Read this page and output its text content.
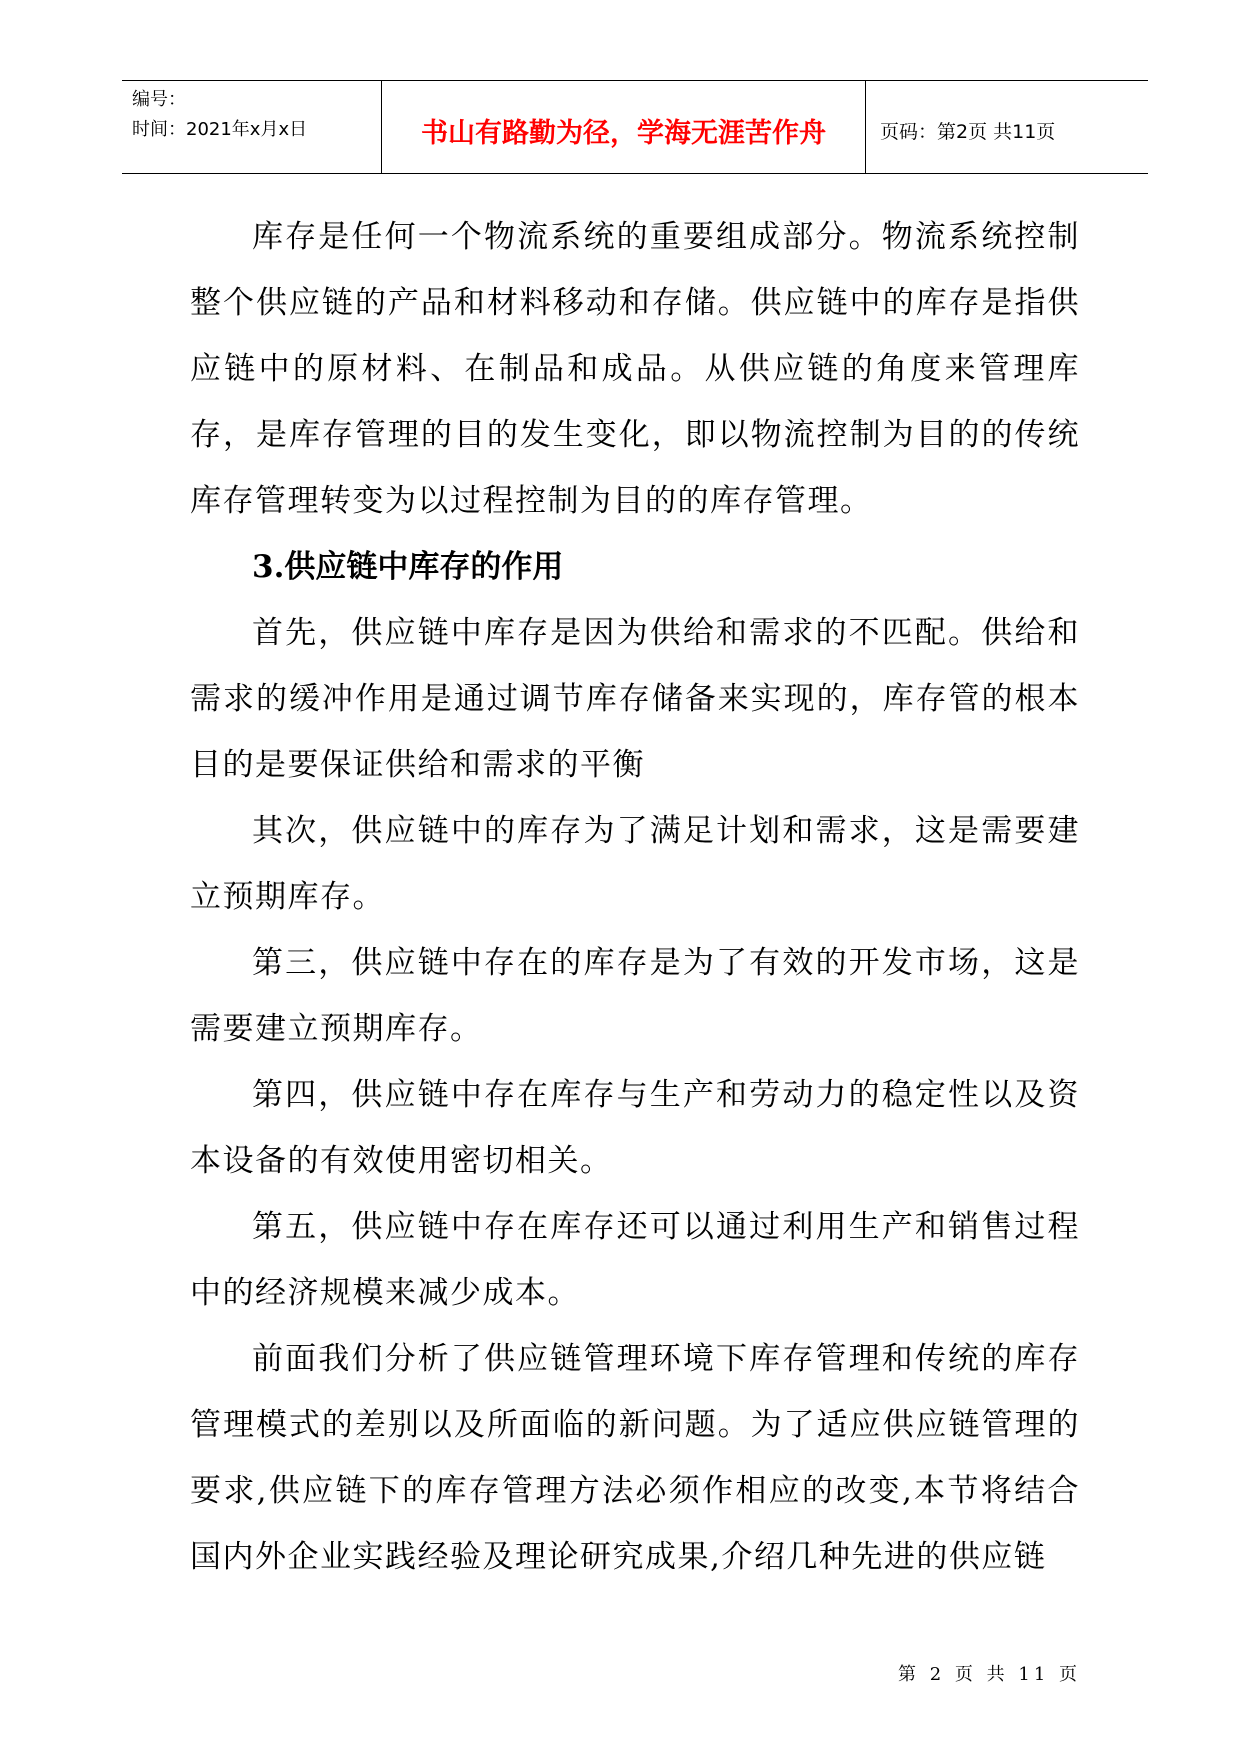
编号：
时间：2021年x月x日	书山有路勤为径，学海无涯苦作舟	页码：第2页 共11页

库存是任何一个物流系统的重要组成部分。物流系统控制整个供应链的产品和材料移动和存储。供应链中的库存是指供应链中的原材料、在制品和成品。从供应链的角度来管理库存，是库存管理的目的发生变化，即以物流控制为目的的传统库存管理转变为以过程控制为目的的库存管理。

3.供应链中库存的作用

首先，供应链中库存是因为供给和需求的不匹配。供给和需求的缓冲作用是通过调节库存储备来实现的，库存管的根本目的是要保证供给和需求的平衡

其次，供应链中的库存为了满足计划和需求，这是需要建立预期库存。

第三，供应链中存在的库存是为了有效的开发市场，这是需要建立预期库存。

第四，供应链中存在库存与生产和劳动力的稳定性以及资本设备的有效使用密切相关。

第五，供应链中存在库存还可以通过利用生产和销售过程中的经济规模来减少成本。

前面我们分析了供应链管理环境下库存管理和传统的库存管理模式的差别以及所面临的新问题。为了适应供应链管理的要求,供应链下的库存管理方法必须作相应的改变,本节将结合国内外企业实践经验及理论研究成果,介绍几种先进的供应链

第 2 页 共 11 页
